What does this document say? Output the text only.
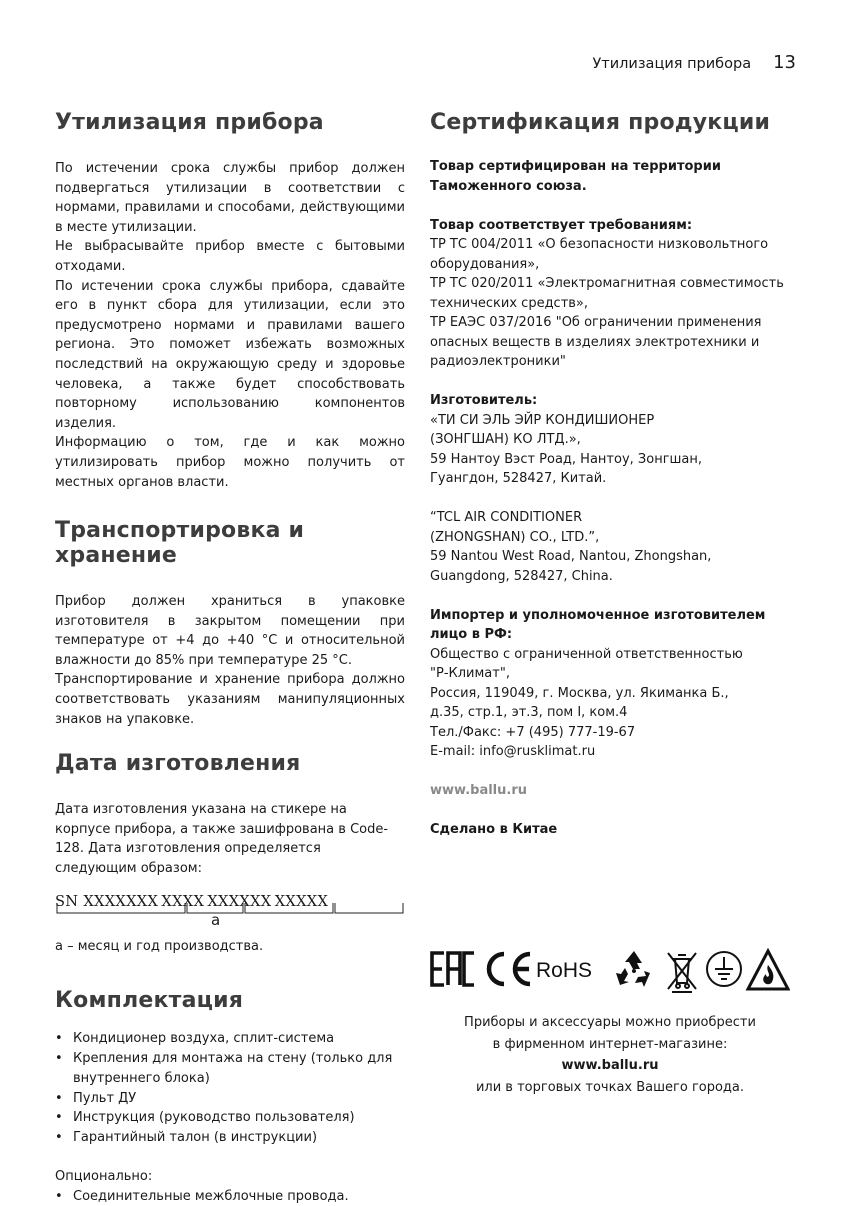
Утилизация прибора 13
Утилизация прибора

По истечении срока службы прибор должен подвергаться утилизации в соответствии с нормами, правилами и способами, действующими в месте утилизации.

Не выбрасывайте прибор вместе с бытовыми отходами.

По истечении срока службы прибора, сдавайте его в пункт сбора для утилизации, если это предусмотрено нормами и правилами вашего региона. Это поможет избежать возможных последствий на окружающую среду и здоровье человека, а также будет способствовать повторному использованию компонентов изделия.

Информацию о том, где и как можно утилизировать прибор можно получить от местных органов власти.

Транспортировка и хранение

Прибор должен храниться в упаковке изготовителя в закрытом помещении при температуре от +4 до +40 °С и относительной влажности до 85% при температуре 25 °С.

Транспортирование и хранение прибора должно соответствовать указаниям манипуляционных знаков на упаковке.

Дата изготовления

Дата изготовления указана на стикере на корпусе прибора, а также зашифрована в Code-128. Дата изготовления определяется следующим образом:

SN XXXXXXX  XXXX  XXXXXX  XXXXX
a

а – месяц и год производства.

Комплектация
• Кондиционер воздуха, сплит-система
• Крепления для монтажа на стену (только для внутреннего блока)
• Пульт ДУ
• Инструкция (руководство пользователя)
• Гарантийный талон (в инструкции)

Опционально:

• Соединительные межблочные провода.
Сертификация продукции

Товар сертифицирован на территории Таможенного союза.

Товар соответствует требованиям:

ТР ТС 004/2011 «О безопасности низковольтного оборудования»,

ТР ТС 020/2011 «Электромагнитная совместимость технических средств»,

ТР ЕАЭС 037/2016 "Об ограничении применения опасных веществ в изделиях электротехники и радиоэлектроники"

Изготовитель:

«ТИ СИ ЭЛЬ ЭЙР КОНДИШИОНЕР

(ЗОНГШАН) КО ЛТД.»,

59 Нантоу Вэст Роад, Нантоу, Зонгшан,

Гуангдон, 528427, Китай.

“TCL AIR CONDITIONER

(ZHONGSHAN) CO., LTD.”,

59 Nantou West Road, Nantou, Zhongshan,

Guangdong, 528427, China.

Импортер и уполномоченное изготовителем лицо в РФ:

Общество с ограниченной ответственностью

"Р-Климат",

Россия, 119049, г. Москва, ул. Якиманка Б.,

д.35, стр.1, эт.3, пом I, ком.4

Тел./Факс: +7 (495) 777-19-67

E-mail: info@rusklimat.ru

www.ballu.ru

Сделано в Китае

RoHS
Приборы и аксессуары можно приобрести
в фирменном интернет-магазине:
www.ballu.ru
или в торговых точках Вашего города.
